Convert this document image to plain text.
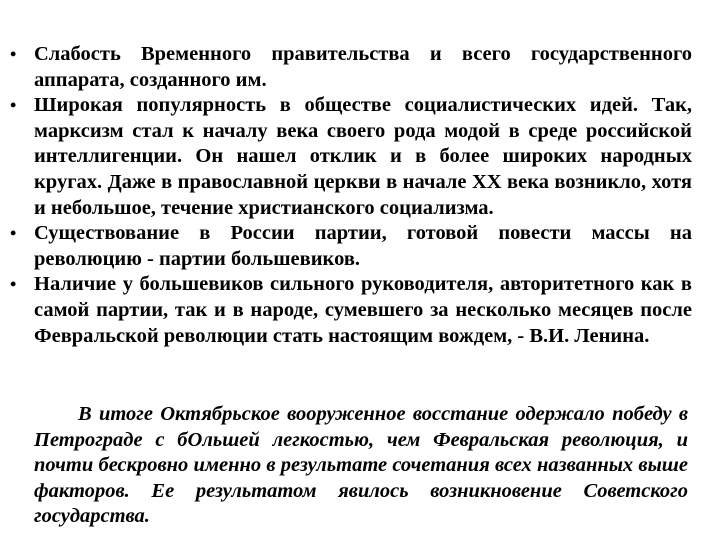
• Слабость Временного правительства и всего государственного аппарата, созданного им.
• Широкая популярность в обществе социалистических идей. Так, марксизм стал к началу века своего рода модой в среде российской интеллигенции. Он нашел отклик и в более широких народных кругах. Даже в православной церкви в начале XX века возникло, хотя и небольшое, течение христианского социализма.
• Существование в России партии, готовой повести массы на революцию - партии большевиков.
• Наличие у большевиков сильного руководителя, авторитетного как в самой партии, так и в народе, сумевшего за несколько месяцев после Февральской революции стать настоящим вождем, - В.И. Ленина.

В итоге Октябрьское вооруженное восстание одержало победу в Петрограде с бОльшей легкостью, чем Февральская революция, и почти бескровно именно в результате сочетания всех названных выше факторов. Ее результатом явилось возникновение Советского государства.
